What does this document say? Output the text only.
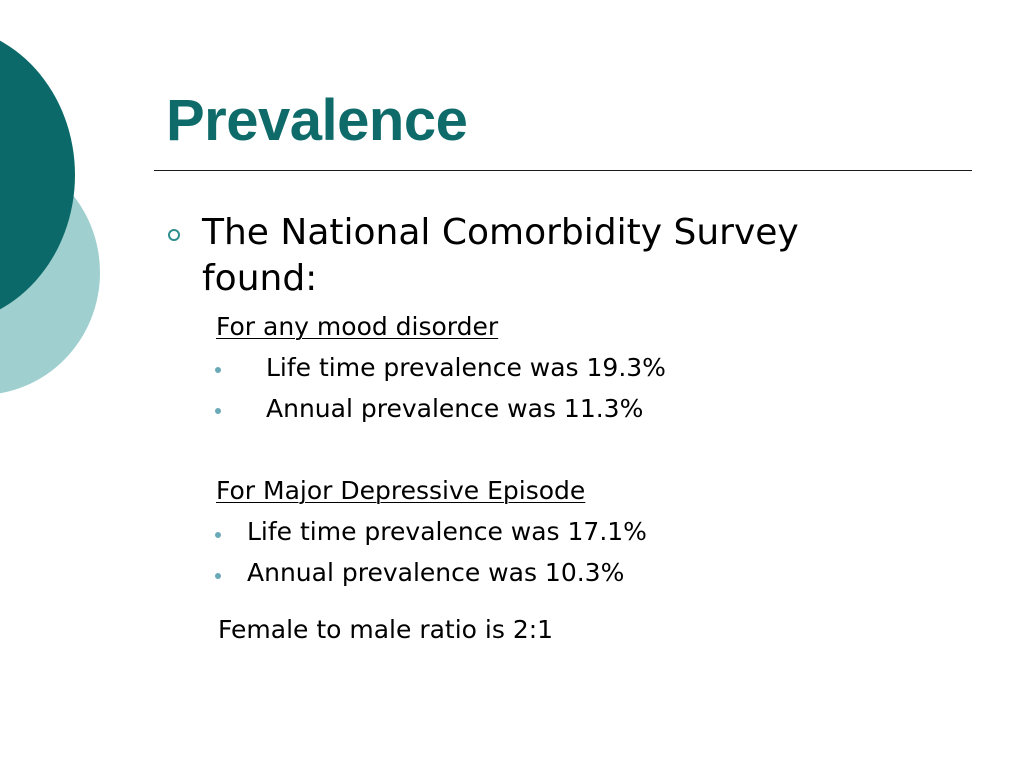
Prevalence
The National Comorbidity Survey found:
For any mood disorder
Life time prevalence was 19.3%
Annual prevalence was 11.3%
For Major Depressive Episode
Life time prevalence was 17.1%
Annual prevalence was 10.3%
Female to male ratio is 2:1
